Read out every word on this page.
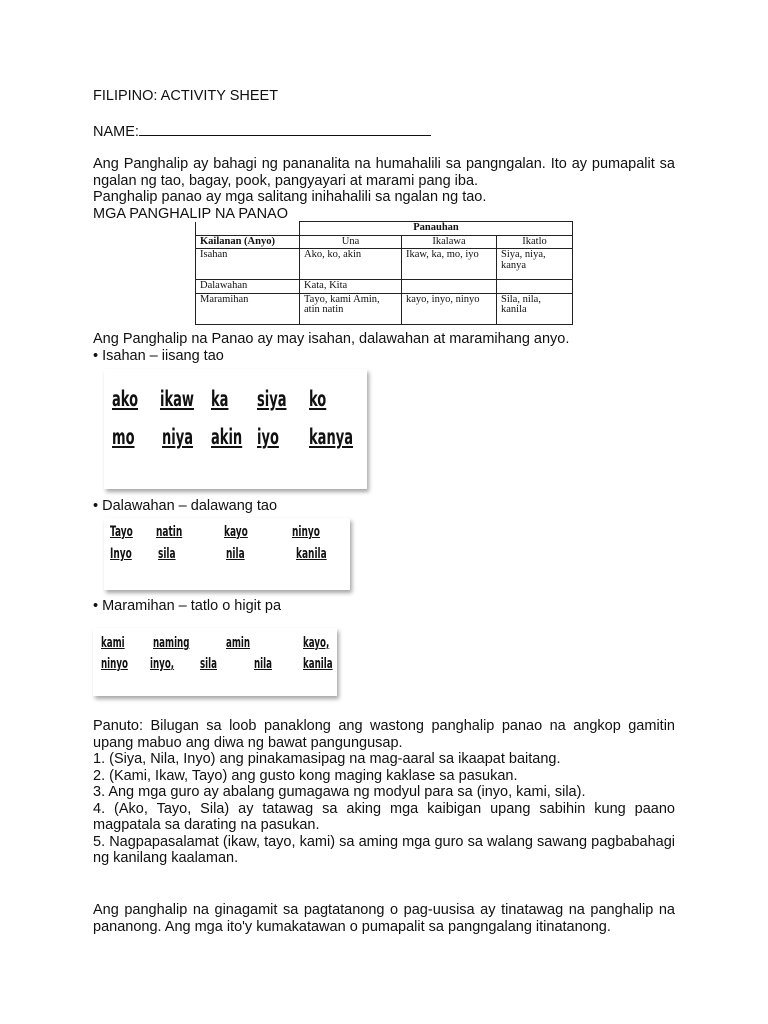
FILIPINO: ACTIVITY SHEET
NAME:

Ang Panghalip ay bahagi ng pananalita na humahalili sa pangngalan. Ito ay pumapalit sa ngalan ng tao, bagay, pook, pangyayari at marami pang iba.

Panghalip panao ay mga salitang inihahalili sa ngalan ng tao.

MGA PANGHALIP NA PANAO

	Panauhan		
Kailanan (Anyo)	Una	Ikalawa	Ikatlo
Isahan	Ako, ko, akin	Ikaw, ka, mo, iyo	Siya, niya, kanya
Dalawahan	Kata, Kita		
Maramihan	Tayo, kami Amin, atin natin	kayo, inyo, ninyo	Sila, nila, kanila
Ang Panghalip na Panao ay may isahan, dalawahan at maramihang anyo.
• Isahan – iisang tao
ako ikaw ka siya ko
mo niya akin iyo kanya
• Dalawahan – dalawang tao
Tayo natin	kayo	ninyo
Inyo sila	nila	kanila
• Maramihan – tatlo o higit pa
kami naming	amin	kayo,
ninyo inyo, sila	nila kanila

Panuto: Bilugan sa loob panaklong ang wastong panghalip panao na angkop gamitin upang mabuo ang diwa ng bawat pangungusap.

1. (Siya, Nila, Inyo) ang pinakamasipag na mag-aaral sa ikaapat baitang.

2. (Kami, Ikaw, Tayo) ang gusto kong maging kaklase sa pasukan.

3. Ang mga guro ay abalang gumagawa ng modyul para sa (inyo, kami, sila).

4. (Ako, Tayo, Sila) ay tatawag sa aking mga kaibigan upang sabihin kung paano magpatala sa darating na pasukan.

5. Nagpapasalamat (ikaw, tayo, kami) sa aming mga guro sa walang sawang pagbabahagi ng kanilang kaalaman.

Ang panghalip na ginagamit sa pagtatanong o pag-uusisa ay tinatawag na panghalip na pananong. Ang mga ito'y kumakatawan o pumapalit sa pangngalang itinatanong.
